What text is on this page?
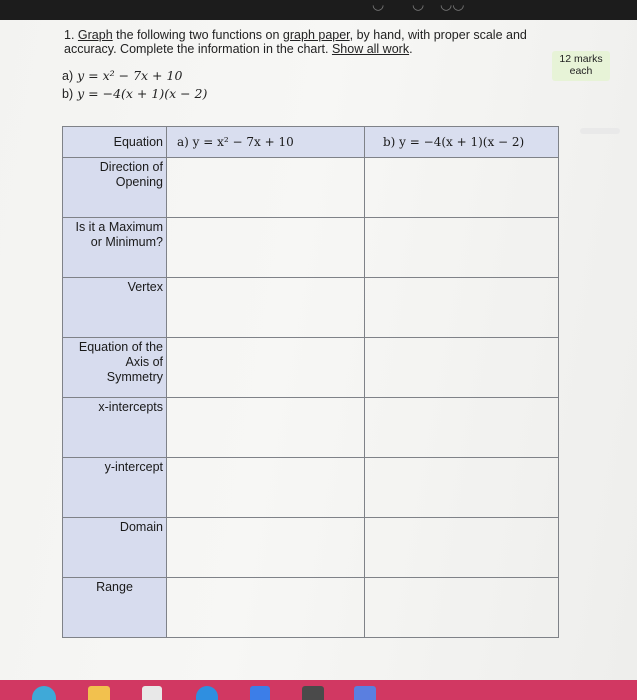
◡ ◡ ◡◡
1. Graph the following two functions on graph paper, by hand, with proper scale and accuracy. Complete the information in the chart. Show all work.
12 marks
each
a) y = x² − 7x + 10
b) y = −4(x + 1)(x − 2)
Equation	a) y = x² − 7x + 10	b) y = −4(x + 1)(x − 2)

Direction of
Opening		

Is it a Maximum
or Minimum?		

Vertex		

Equation of the
Axis of
Symmetry		

x-intercepts		

y-intercept		

Domain		

Range		
